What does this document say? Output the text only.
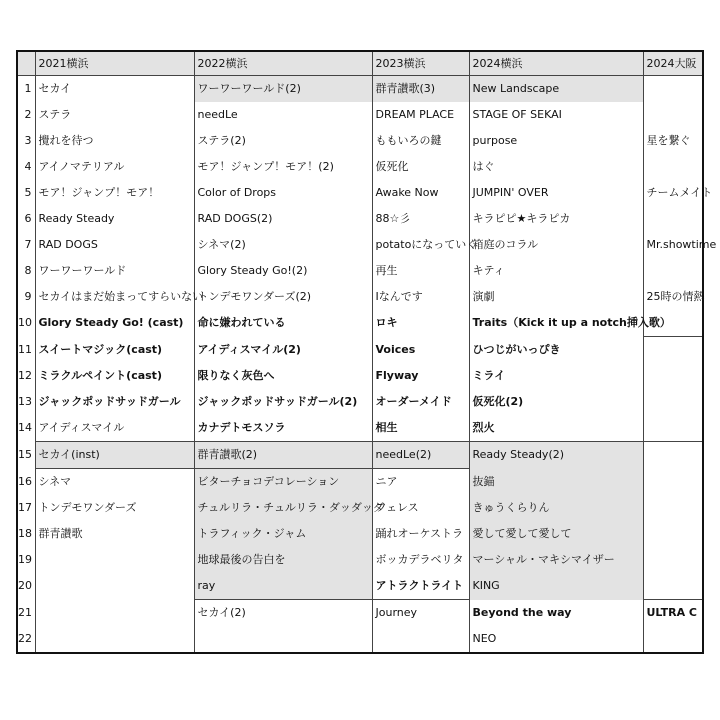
	2021横浜	2022横浜	2023横浜	2024横浜	2024大阪
1	セカイ	ワーワーワールド(2)	群青讃歌(3)	New Landscape	
2	ステラ	needLe	DREAM PLACE	STAGE OF SEKAI	
3	攪れを待つ	ステラ(2)	ももいろの鍵	purpose	星を繋ぐ
4	アイノマテリアル	モア！ジャンプ！モア！(2)	仮死化	はぐ	
5	モア！ジャンプ！モア！	Color of Drops	Awake Now	JUMPIN' OVER	チームメイト
6	Ready Steady	RAD DOGS(2)	88☆彡	キラピピ★キラピカ	
7	RAD DOGS	シネマ(2)	potatoになっていく	箱庭のコラル	Mr.showtime
8	ワーワーワールド	Glory Steady Go!(2)	再生	キティ	
9	セカイはまだ始まってすらいない	トンデモワンダーズ(2)	Iなんです	演劇	25時の情熱
10	Glory Steady Go! (cast)	命に嫌われている	ロキ	Traits（Kick it up a notch挿入歌）	
11	スイートマジック(cast)	アイディスマイル(2)	Voices	ひつじがいっぴき	
12	ミラクルペイント(cast)	限りなく灰色へ	Flyway	ミライ	
13	ジャックポッドサッドガール	ジャックポッドサッドガール(2)	オーダーメイド	仮死化(2)	
14	アイディスマイル	カナデトモスソラ	相生	烈火	
15	セカイ(inst)	群青讃歌(2)	needLe(2)	Ready Steady(2)	
16	シネマ	ビターチョコデコレーション	ニア	抜錨	
17	トンデモワンダーズ	チュルリラ・チュルリラ・ダッダッダ	フェレス	きゅうくらりん	
18	群青讃歌	トラフィック・ジャム	踊れオーケストラ	愛して愛して愛して	
19		地球最後の告白を	ボッカデラベリタ	マーシャル・マキシマイザー	
20		ray	アトラクトライト	KING	
21		セカイ(2)	Journey	Beyond the way	ULTRA C
22				NEO	
